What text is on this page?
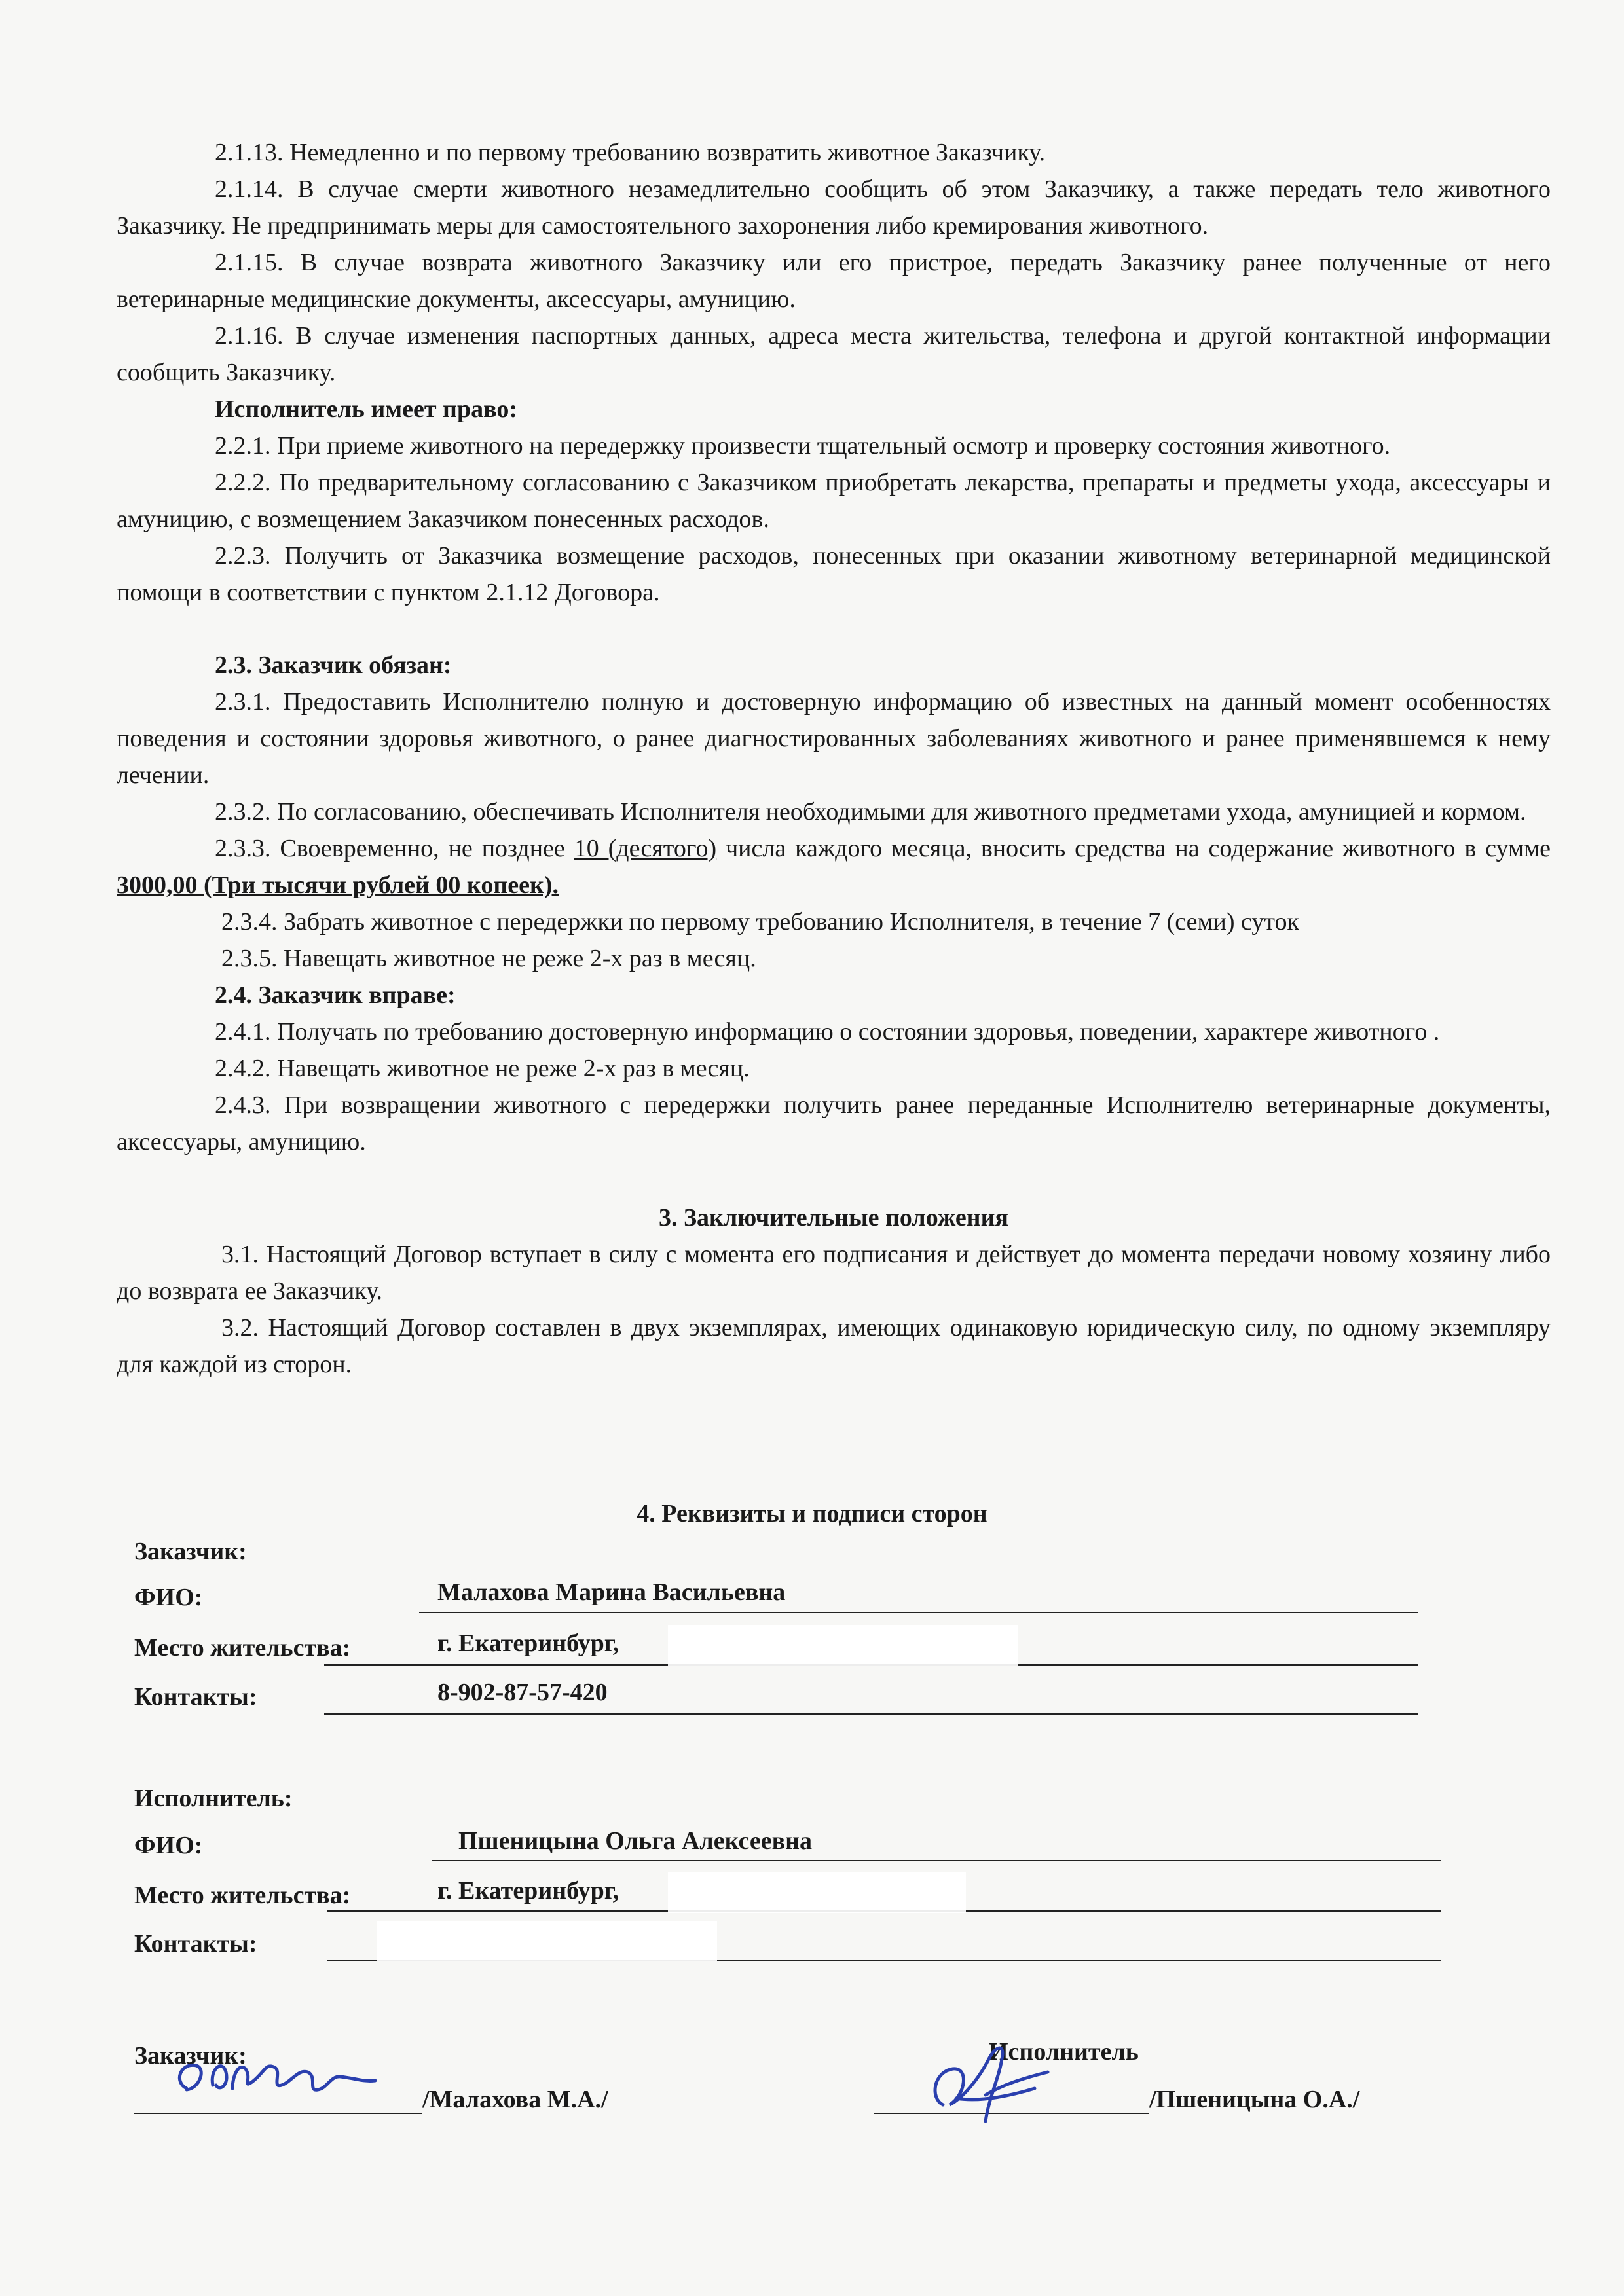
2.1.13. Немедленно и по первому требованию возвратить животное Заказчику.

2.1.14. В случае смерти животного незамедлительно сообщить об этом Заказчику, а также передать тело животного Заказчику. Не предпринимать меры для самостоятельного захоронения либо кремирования животного.

2.1.15. В случае возврата животного Заказчику или его пристрое, передать Заказчику ранее полученные от него ветеринарные медицинские документы, аксессуары, амуницию.

2.1.16. В случае изменения паспортных данных, адреса места жительства, телефона и другой контактной информации сообщить Заказчику.

Исполнитель имеет право:

2.2.1. При приеме животного на передержку произвести тщательный осмотр и проверку состояния животного.

2.2.2. По предварительному согласованию с Заказчиком приобретать лекарства, препараты и предметы ухода, аксессуары и амуницию, с возмещением Заказчиком понесенных расходов.

2.2.3. Получить от Заказчика возмещение расходов, понесенных при оказании животному ветеринарной медицинской помощи в соответствии с пунктом 2.1.12 Договора.

2.3. Заказчик обязан:

2.3.1. Предоставить Исполнителю полную и достоверную информацию об известных на данный момент особенностях поведения и состоянии здоровья животного, о ранее диагностированных заболеваниях животного и ранее применявшемся к нему лечении.

2.3.2. По согласованию, обеспечивать Исполнителя необходимыми для животного предметами ухода, амуницией и кормом.

2.3.3. Своевременно, не позднее 10 (десятого) числа каждого месяца, вносить средства на содержание животного в сумме 3000,00 (Три тысячи рублей 00 копеек).

2.3.4. Забрать животное с передержки по первому требованию Исполнителя, в течение 7 (семи) суток

2.3.5. Навещать животное не реже 2-х раз в месяц.

2.4. Заказчик вправе:

2.4.1. Получать по требованию достоверную информацию о состоянии здоровья, поведении, характере животного .

2.4.2. Навещать животное не реже 2-х раз в месяц.

2.4.3. При возвращении животного с передержки получить ранее переданные Исполнителю ветеринарные документы, аксессуары, амуницию.

3. Заключительные положения

3.1. Настоящий Договор вступает в силу с момента его подписания и действует до момента передачи новому хозяину либо до возврата ее Заказчику.

3.2. Настоящий Договор составлен в двух экземплярах, имеющих одинаковую юридическую силу, по одному экземпляру для каждой из сторон.

4. Реквизиты и подписи сторон
Заказчик:
ФИО:	Малахова Марина Васильевна
Место жительства:	г. Екатеринбург,
Контакты:	8-902-87-57-420
Исполнитель:
ФИО:	Пшеницына Ольга Алексеевна
Место жительства:	г. Екатеринбург,
Контакты:
Заказчик:
/Малахова М.А./
Исполнитель
/Пшеницына О.А./
